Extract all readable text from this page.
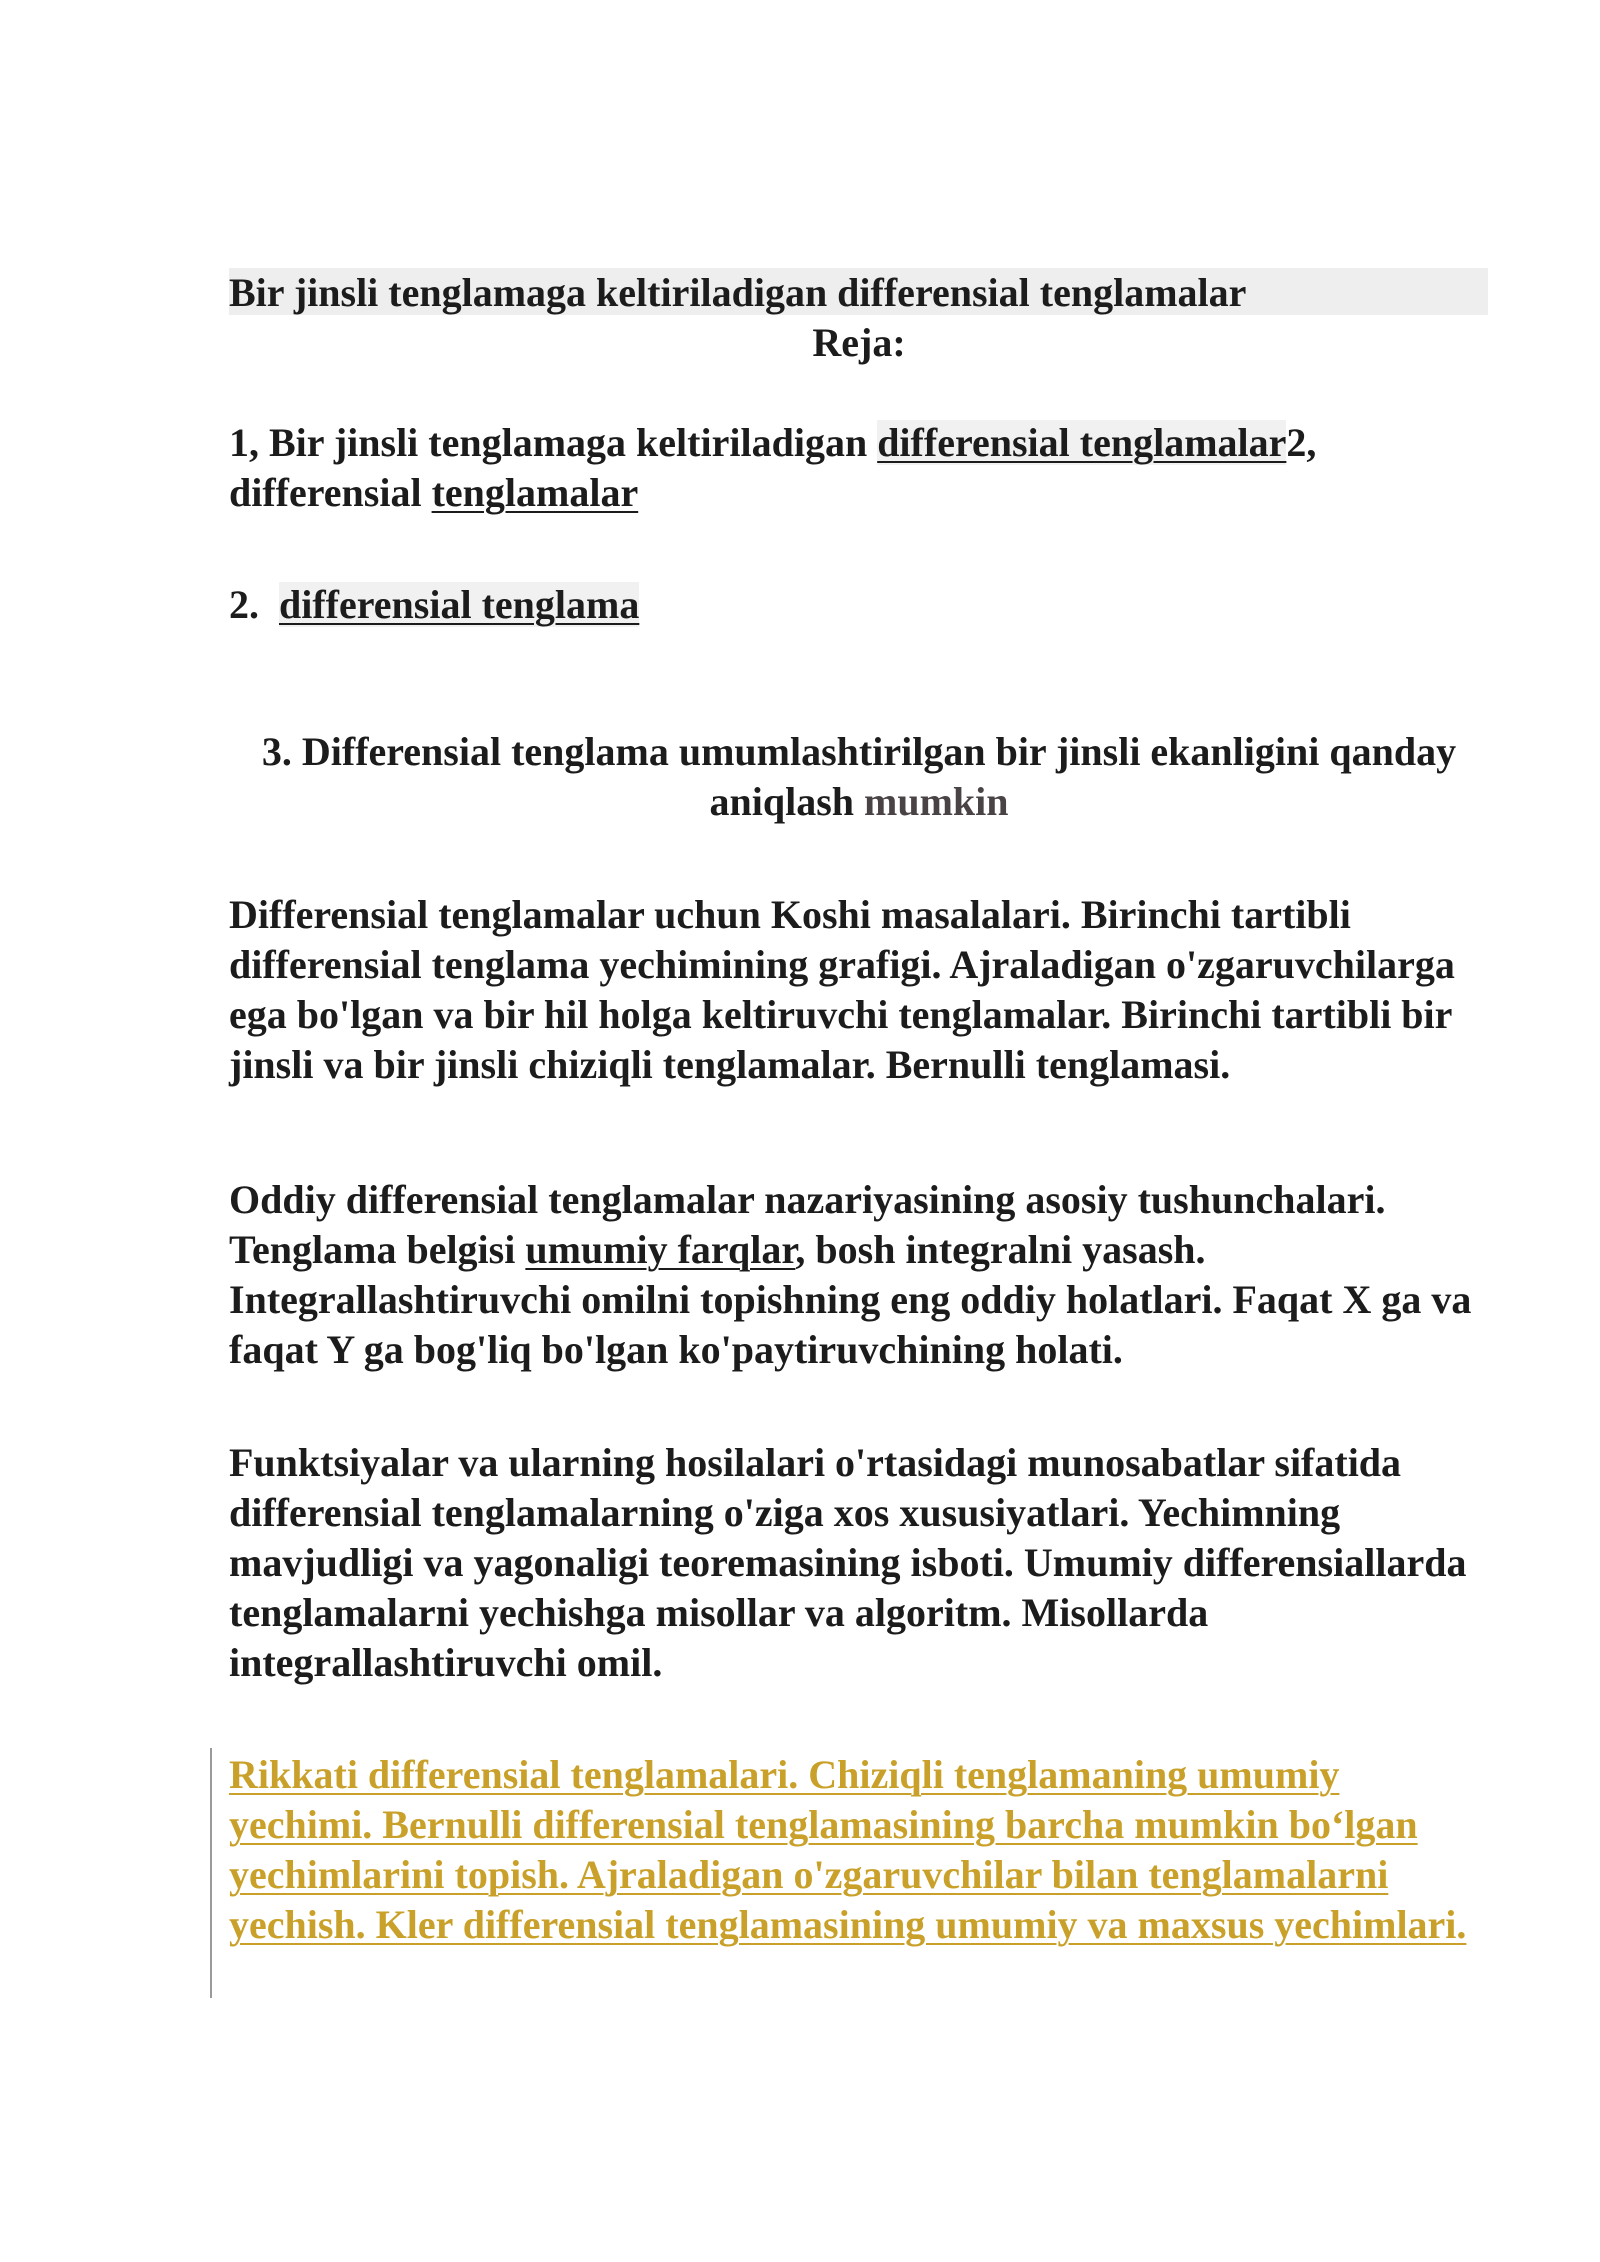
Bir jinsli tenglamaga keltiriladigan differensial tenglamalar
Reja:
1, Bir jinsli tenglamaga keltiriladigan differensial tenglamalar2, differensial tenglamalar
2.  differensial tenglama
3. Differensial tenglama umumlashtirilgan bir jinsli ekanligini qanday aniqlash mumkin
Differensial tenglamalar uchun Koshi masalalari. Birinchi tartibli differensial tenglama yechimining grafigi. Ajraladigan o'zgaruvchilarga ega bo'lgan va bir hil holga keltiruvchi tenglamalar. Birinchi tartibli bir jinsli va bir jinsli chiziqli tenglamalar. Bernulli tenglamasi.
Oddiy differensial tenglamalar nazariyasining asosiy tushunchalari. Tenglama belgisi umumiy farqlar, bosh integralni yasash. Integrallashtiruvchi omilni topishning eng oddiy holatlari. Faqat X ga va faqat Y ga bog'liq bo'lgan ko'paytiruvchining holati.
Funktsiyalar va ularning hosilalari o'rtasidagi munosabatlar sifatida differensial tenglamalarning o'ziga xos xususiyatlari. Yechimning mavjudligi va yagonaligi teoremasining isboti. Umumiy differensiallarda tenglamalarni yechishga misollar va algoritm. Misollarda integrallashtiruvchi omil.
Rikkati differensial tenglamalari. Chiziqli tenglamaning umumiy yechimi. Bernulli differensial tenglamasining barcha mumkin bo‘lgan yechimlarini topish. Ajraladigan o'zgaruvchilar bilan tenglamalarni yechish. Kler differensial tenglamasining umumiy va maxsus yechimlari.
